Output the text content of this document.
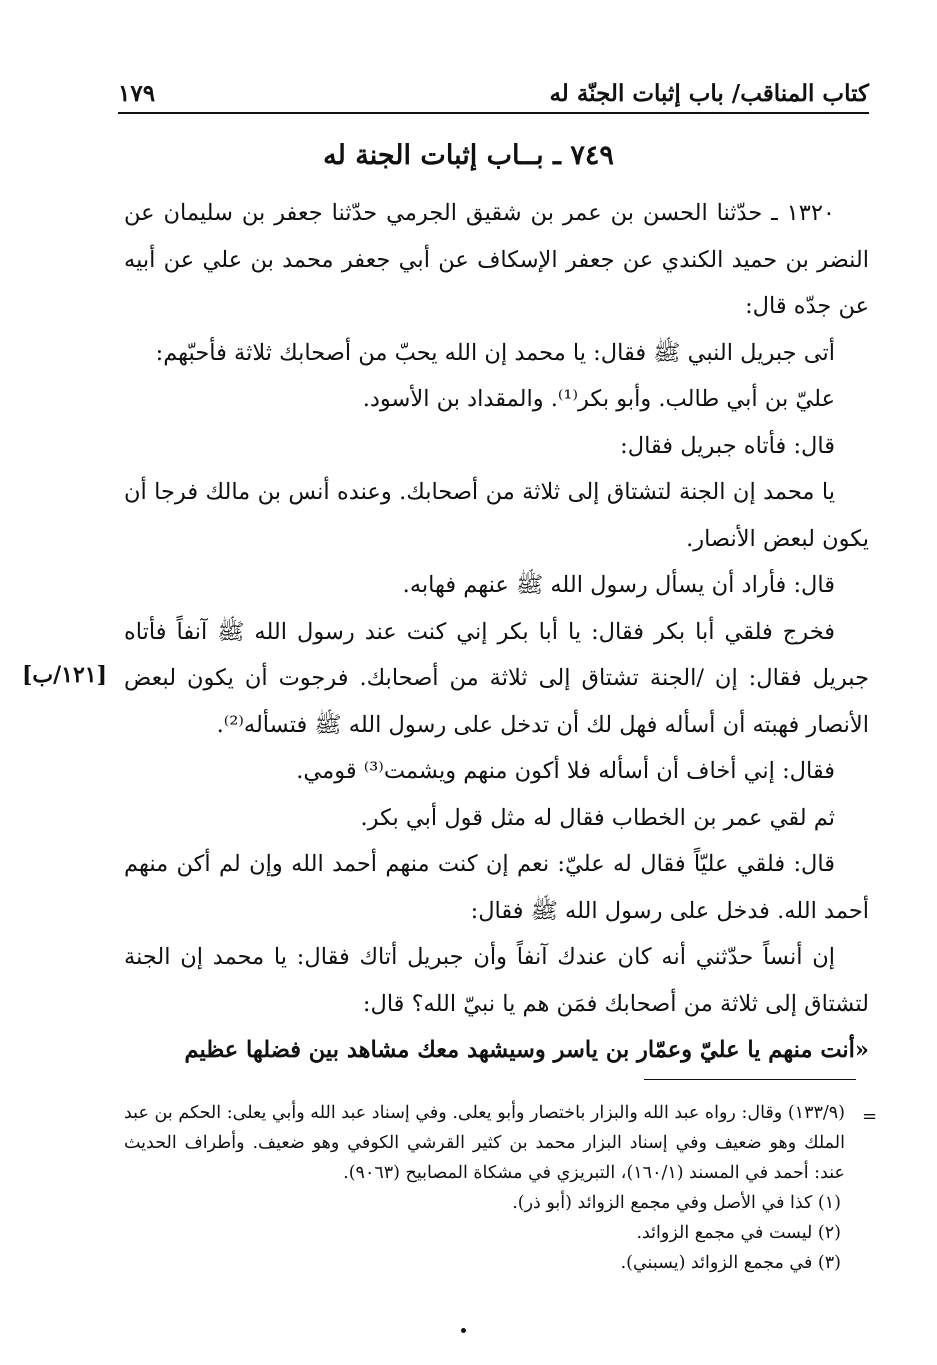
كتاب المناقب/ باب إثبات الجنّة له
١٧٩
٧٤٩ ـ بــاب إثبات الجنة له
[١٢١/ب]

١٣٢٠ ـ حدّثنا الحسن بن عمر بن شقيق الجرمي حدّثنا جعفر بن سليمان عن النضر بن حميد الكندي عن جعفر الإسكاف عن أبي جعفر محمد بن علي عن أبيه عن جدّه قال:

أتى جبريل النبي ﷺ فقال: يا محمد إن الله يحبّ من أصحابك ثلاثة فأحبّهم:

عليّ بن أبي طالب. وأبو بكر⁽¹⁾. والمقداد بن الأسود.

قال: فأتاه جبريل فقال:

يا محمد إن الجنة لتشتاق إلى ثلاثة من أصحابك. وعنده أنس بن مالك فرجا أن يكون لبعض الأنصار.

قال: فأراد أن يسأل رسول الله ﷺ عنهم فهابه.

فخرج فلقي أبا بكر فقال: يا أبا بكر إني كنت عند رسول الله ﷺ آنفاً فأتاه جبريل فقال: إن /الجنة تشتاق إلى ثلاثة من أصحابك. فرجوت أن يكون لبعض الأنصار فهبته أن أسأله فهل لك أن تدخل على رسول الله ﷺ فتسأله⁽²⁾.

فقال: إني أخاف أن أسأله فلا أكون منهم ويشمت⁽³⁾ قومي.

ثم لقي عمر بن الخطاب فقال له مثل قول أبي بكر.

قال: فلقي عليّاً فقال له عليّ: نعم إن كنت منهم أحمد الله وإن لم أكن منهم أحمد الله. فدخل على رسول الله ﷺ فقال:

إن أنساً حدّثني أنه كان عندك آنفاً وأن جبريل أتاك فقال: يا محمد إن الجنة لتشتاق إلى ثلاثة من أصحابك فمَن هم يا نبيّ الله؟ قال:

«أنت منهم يا عليّ وعمّار بن ياسر وسيشهد معك مشاهد بين فضلها عظيم

=

(١٣٣/٩) وقال: رواه عبد الله والبزار باختصار وأبو يعلى. وفي إسناد عبد الله وأبي يعلى: الحكم بن عبد الملك وهو ضعيف وفي إسناد البزار محمد بن كثير القرشي الكوفي وهو ضعيف. وأطراف الحديث عند: أحمد في المسند (١٦٠/١)، التبريزي في مشكاة المصابيح (٩٠٦٣).

(١) كذا في الأصل وفي مجمع الزوائد (أبو ذر).

(٢) ليست في مجمع الزوائد.

(٣) في مجمع الزوائد (يسبني).
